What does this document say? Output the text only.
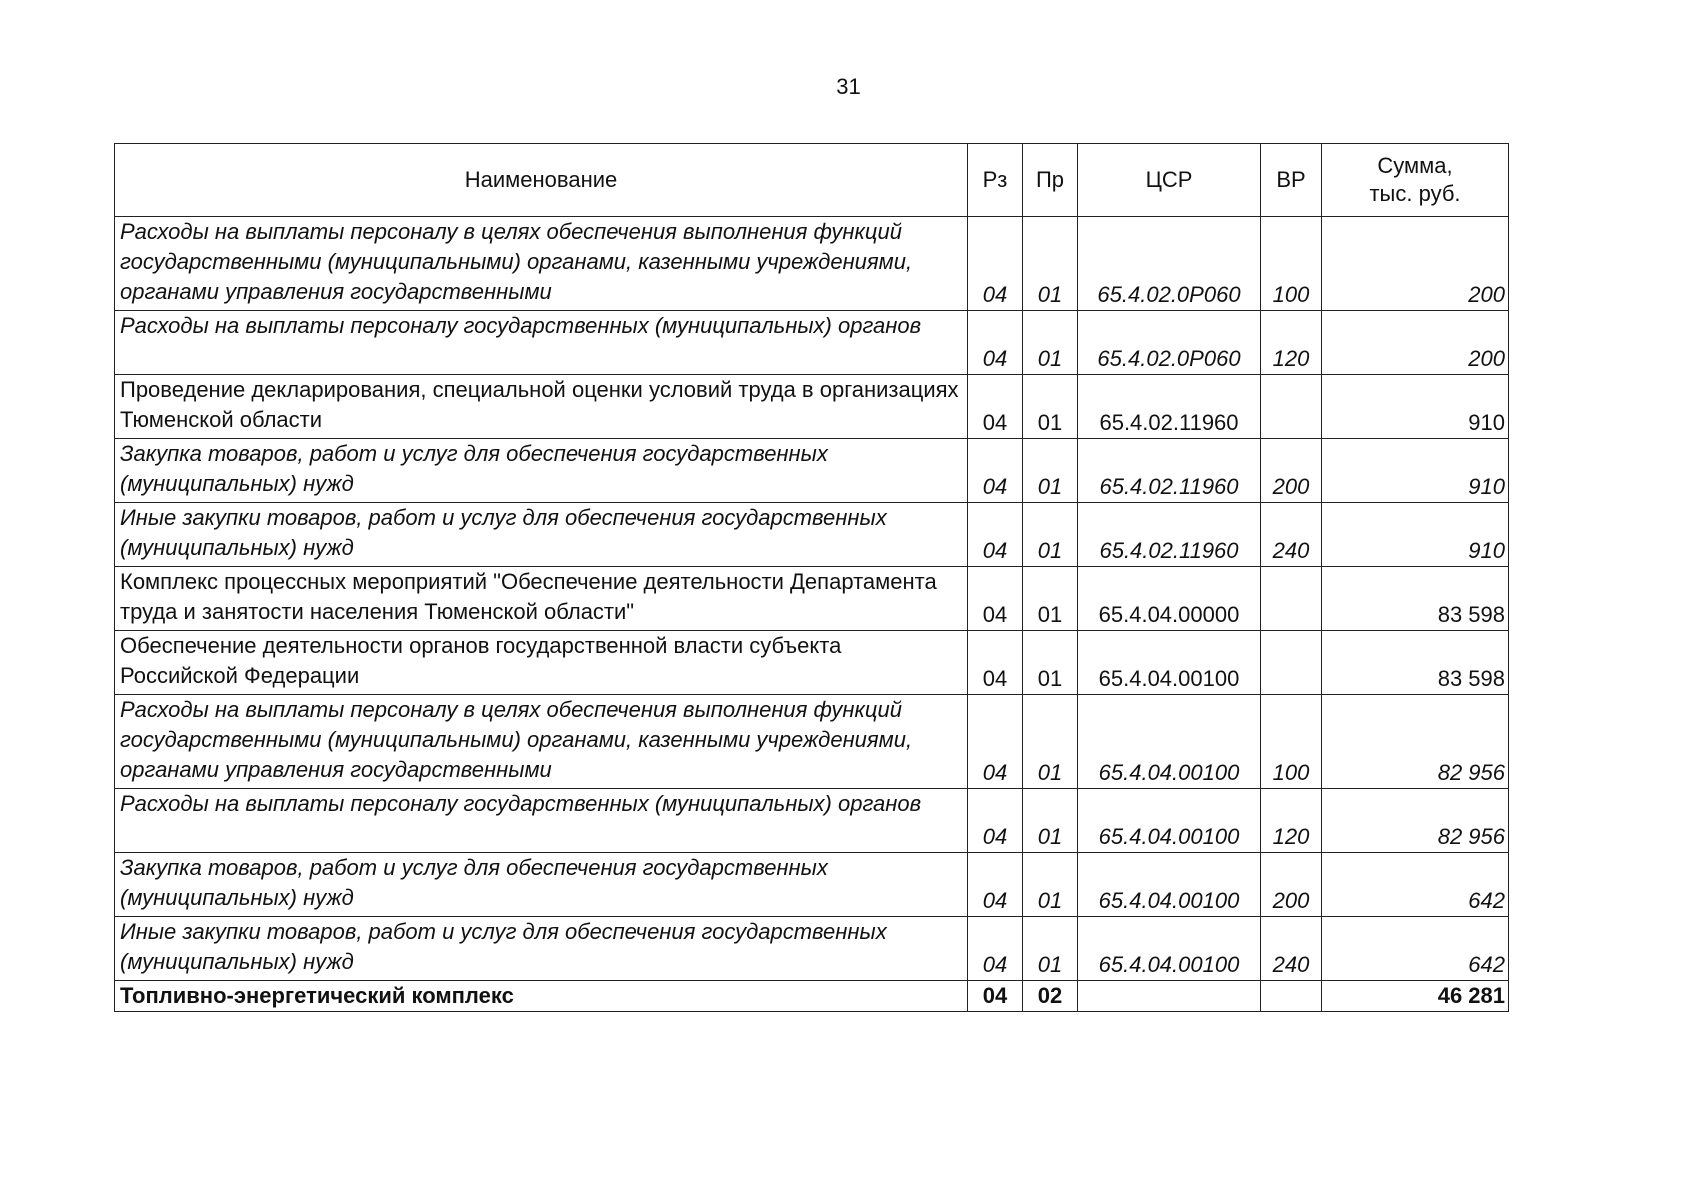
31
Наименование	Рз	Пр	ЦСР	ВР	Сумма,
тыс. руб.
Расходы на выплаты персоналу в целях обеспечения выполнения функций государственными (муниципальными) органами, казенными учреждениями, органами управления государственными	04	01	65.4.02.0Р060	100	200
Расходы на выплаты персоналу государственных (муниципальных) органов	04	01	65.4.02.0Р060	120	200
Проведение декларирования, специальной оценки условий труда в организациях Тюменской области	04	01	65.4.02.11960		910
Закупка товаров, работ и услуг для обеспечения государственных (муниципальных) нужд	04	01	65.4.02.11960	200	910
Иные закупки товаров, работ и услуг для обеспечения государственных (муниципальных) нужд	04	01	65.4.02.11960	240	910
Комплекс процессных мероприятий "Обеспечение деятельности Департамента труда и занятости населения Тюменской области"	04	01	65.4.04.00000		83 598
Обеспечение деятельности органов государственной власти субъекта Российской Федерации	04	01	65.4.04.00100		83 598
Расходы на выплаты персоналу в целях обеспечения выполнения функций государственными (муниципальными) органами, казенными учреждениями, органами управления государственными	04	01	65.4.04.00100	100	82 956
Расходы на выплаты персоналу государственных (муниципальных) органов	04	01	65.4.04.00100	120	82 956
Закупка товаров, работ и услуг для обеспечения государственных (муниципальных) нужд	04	01	65.4.04.00100	200	642
Иные закупки товаров, работ и услуг для обеспечения государственных (муниципальных) нужд	04	01	65.4.04.00100	240	642
Топливно-энергетический комплекс	04	02			46 281
